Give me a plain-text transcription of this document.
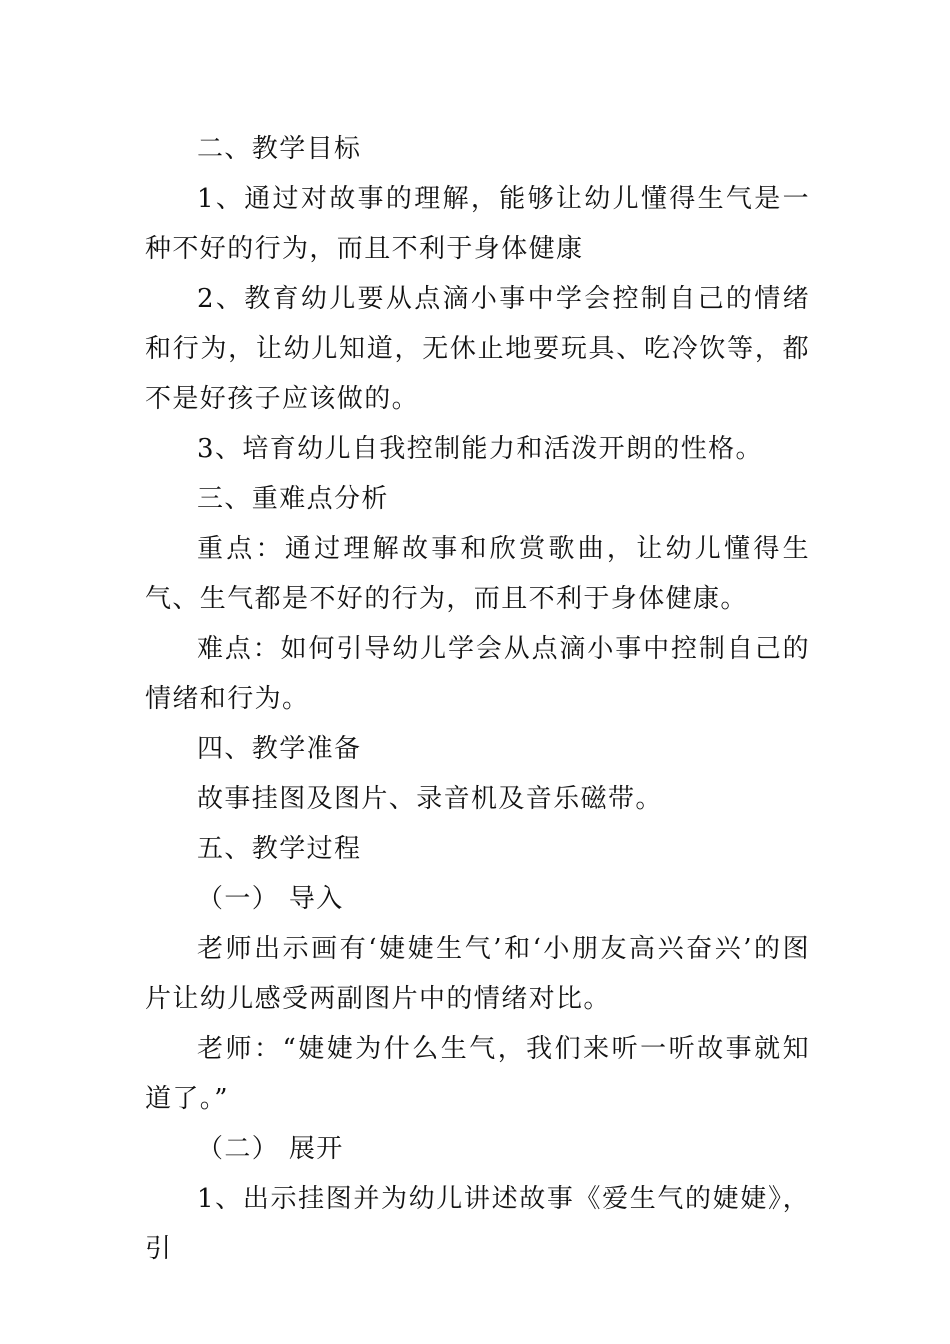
二、教学目标

1、通过对故事的理解，能够让幼儿懂得生气是一种不好的行为，而且不利于身体健康

2、教育幼儿要从点滴小事中学会控制自己的情绪和行为，让幼儿知道，无休止地要玩具、吃冷饮等，都不是好孩子应该做的。

3、培育幼儿自我控制能力和活泼开朗的性格。

三、重难点分析

重点：通过理解故事和欣赏歌曲，让幼儿懂得生气、生气都是不好的行为，而且不利于身体健康。

难点：如何引导幼儿学会从点滴小事中控制自己的情绪和行为。

四、教学准备

故事挂图及图片、录音机及音乐磁带。

五、教学过程

（一） 导入

老师出示画有‘婕婕生气’和‘小朋友高兴奋兴’的图片让幼儿感受两副图片中的情绪对比。

老师：“婕婕为什么生气，我们来听一听故事就知道了。”

（二） 展开

1、出示挂图并为幼儿讲述故事《爱生气的婕婕》，引
